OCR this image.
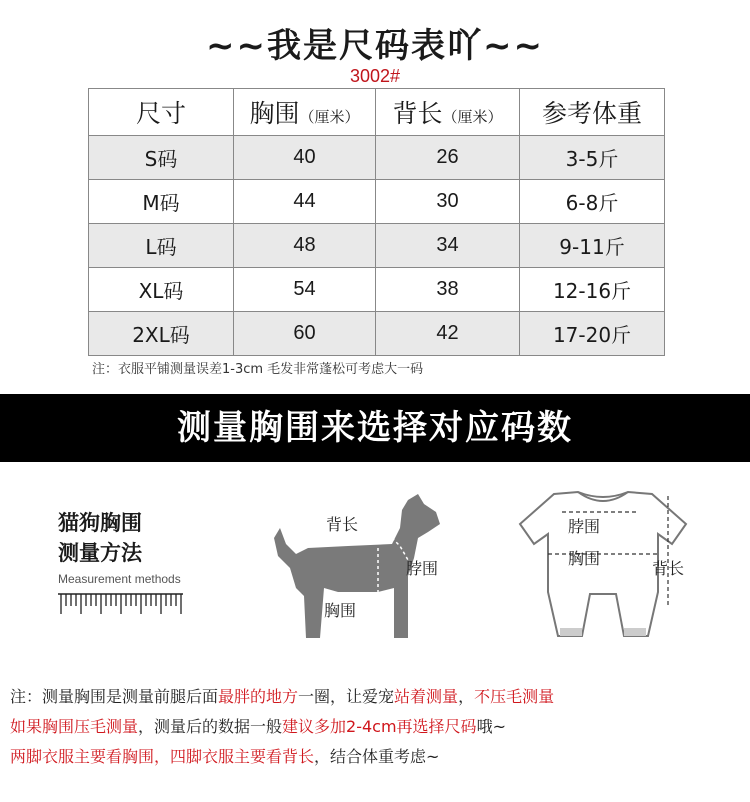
~~我是尺码表吖~~
3002#
尺寸	胸围（厘米）	背长（厘米）	参考体重
S码	40	26	3-5斤
M码	44	30	6-8斤
L码	48	34	9-11斤
XL码	54	38	12-16斤
2XL码	60	42	17-20斤
注：衣服平铺测量误差1-3cm 毛发非常蓬松可考虑大一码
测量胸围来选择对应码数
猫狗胸围
测量方法
Measurement methods
背长
脖围
胸围
脖围
胸围
背长
注：测量胸围是测量前腿后面最胖的地方一圈，让爱宠站着测量，不压毛测量
如果胸围压毛测量，测量后的数据一般建议多加2-4cm再选择尺码哦~
两脚衣服主要看胸围，四脚衣服主要看背长，结合体重考虑~
